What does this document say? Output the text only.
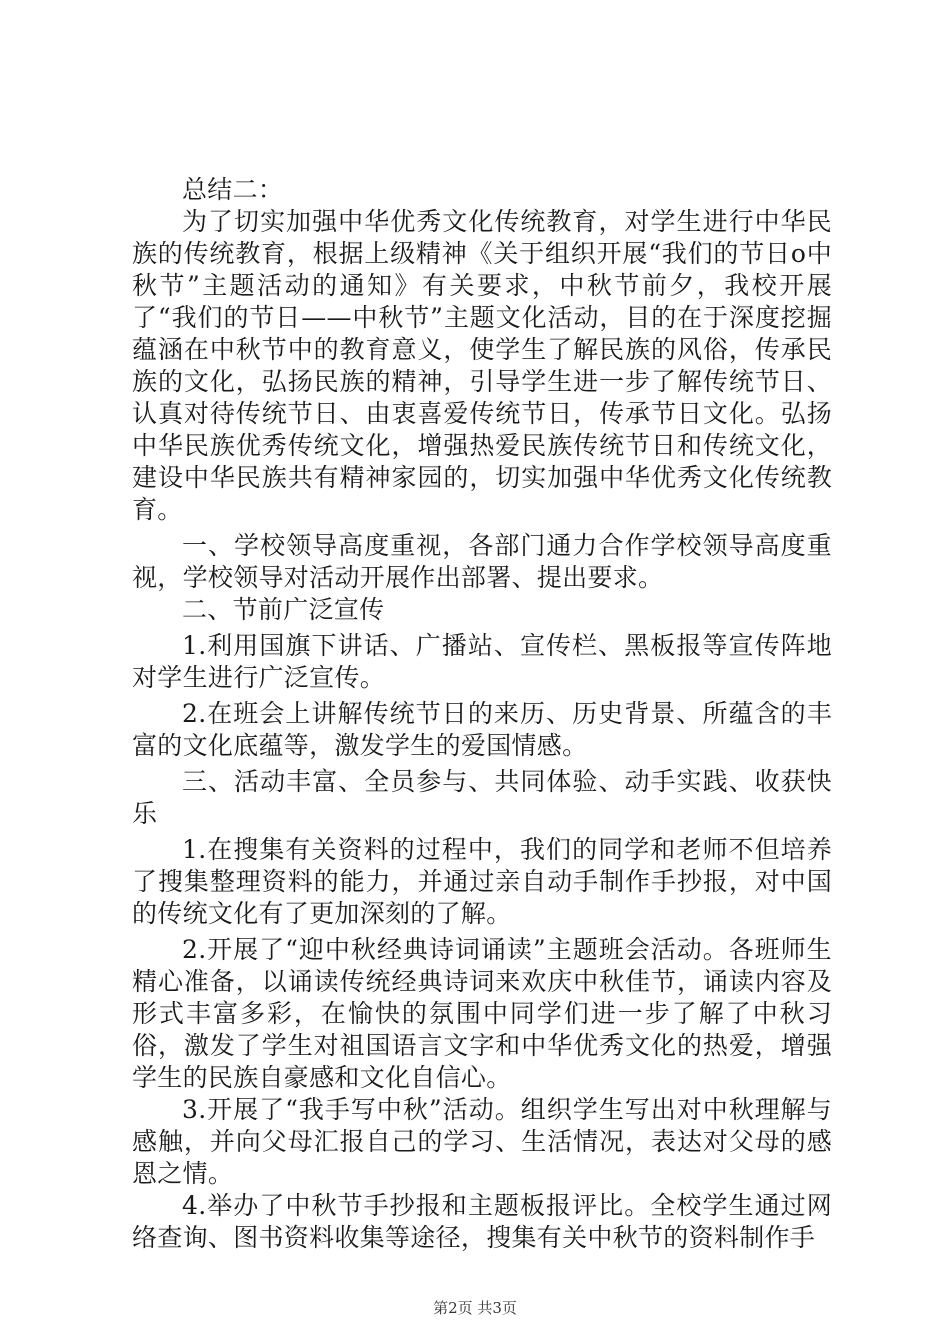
总结二：

为了切实加强中华优秀文化传统教育，对学生进行中华民族的传统教育，根据上级精神《关于组织开展“我们的节日o中秋节”主题活动的通知》有关要求，中秋节前夕，我校开展了“我们的节日——中秋节”主题文化活动，目的在于深度挖掘蕴涵在中秋节中的教育意义，使学生了解民族的风俗，传承民族的文化，弘扬民族的精神，引导学生进一步了解传统节日、认真对待传统节日、由衷喜爱传统节日，传承节日文化。弘扬中华民族优秀传统文化，增强热爱民族传统节日和传统文化，建设中华民族共有精神家园的，切实加强中华优秀文化传统教育。

一、学校领导高度重视，各部门通力合作学校领导高度重视，学校领导对活动开展作出部署、提出要求。

二、节前广泛宣传

1.利用国旗下讲话、广播站、宣传栏、黑板报等宣传阵地对学生进行广泛宣传。

2.在班会上讲解传统节日的来历、历史背景、所蕴含的丰富的文化底蕴等，激发学生的爱国情感。

三、活动丰富、全员参与、共同体验、动手实践、收获快乐

1.在搜集有关资料的过程中，我们的同学和老师不但培养了搜集整理资料的能力，并通过亲自动手制作手抄报，对中国的传统文化有了更加深刻的了解。

2.开展了“迎中秋经典诗词诵读”主题班会活动。各班师生精心准备，以诵读传统经典诗词来欢庆中秋佳节，诵读内容及形式丰富多彩，在愉快的氛围中同学们进一步了解了中秋习俗，激发了学生对祖国语言文字和中华优秀文化的热爱，增强学生的民族自豪感和文化自信心。

3.开展了“我手写中秋”活动。组织学生写出对中秋理解与感触，并向父母汇报自己的学习、生活情况，表达对父母的感恩之情。

4.举办了中秋节手抄报和主题板报评比。全校学生通过网络查询、图书资料收集等途径，搜集有关中秋节的资料制作手

第2页 共3页
